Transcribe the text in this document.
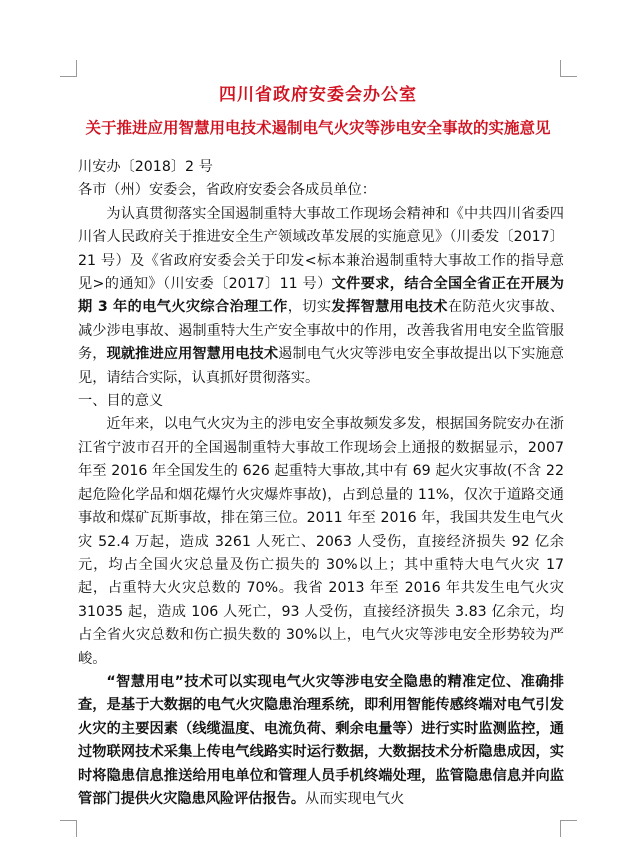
四川省政府安委会办公室
关于推进应用智慧用电技术遏制电气火灾等涉电安全事故的实施意见

川安办〔2018〕2 号

各市（州）安委会，省政府安委会各成员单位：

为认真贯彻落实全国遏制重特大事故工作现场会精神和《中共四川省委四川省人民政府关于推进安全生产领域改革发展的实施意见》（川委发〔2017〕21 号）及《省政府安委会关于印发<标本兼治遏制重特大事故工作的指导意见>的通知》（川安委〔2017〕11 号）文件要求，结合全国全省正在开展为期 3 年的电气火灾综合治理工作，切实发挥智慧用电技术在防范火灾事故、减少涉电事故、遏制重特大生产安全事故中的作用，改善我省用电安全监管服务，现就推进应用智慧用电技术遏制电气火灾等涉电安全事故提出以下实施意见，请结合实际，认真抓好贯彻落实。

一、目的意义

近年来，以电气火灾为主的涉电安全事故频发多发，根据国务院安办在浙江省宁波市召开的全国遏制重特大事故工作现场会上通报的数据显示，2007 年至 2016 年全国发生的 626 起重特大事故,其中有 69 起火灾事故(不含 22 起危险化学品和烟花爆竹火灾爆炸事故)，占到总量的 11%，仅次于道路交通事故和煤矿瓦斯事故，排在第三位。2011 年至 2016 年，我国共发生电气火灾 52.4 万起，造成 3261 人死亡、2063 人受伤，直接经济损失 92 亿余元，均占全国火灾总量及伤亡损失的 30%以上；其中重特大电气火灾 17 起，占重特大火灾总数的 70%。我省 2013 年至 2016 年共发生电气火灾 31035 起，造成 106 人死亡，93 人受伤，直接经济损失 3.83 亿余元，均占全省火灾总数和伤亡损失数的 30%以上，电气火灾等涉电安全形势较为严峻。

“智慧用电”技术可以实现电气火灾等涉电安全隐患的精准定位、准确排查，是基于大数据的电气火灾隐患治理系统，即利用智能传感终端对电气引发火灾的主要因素（线缆温度、电流负荷、剩余电量等）进行实时监测监控，通过物联网技术采集上传电气线路实时运行数据，大数据技术分析隐患成因，实时将隐患信息推送给用电单位和管理人员手机终端处理，监管隐患信息并向监管部门提供火灾隐患风险评估报告。从而实现电气火
